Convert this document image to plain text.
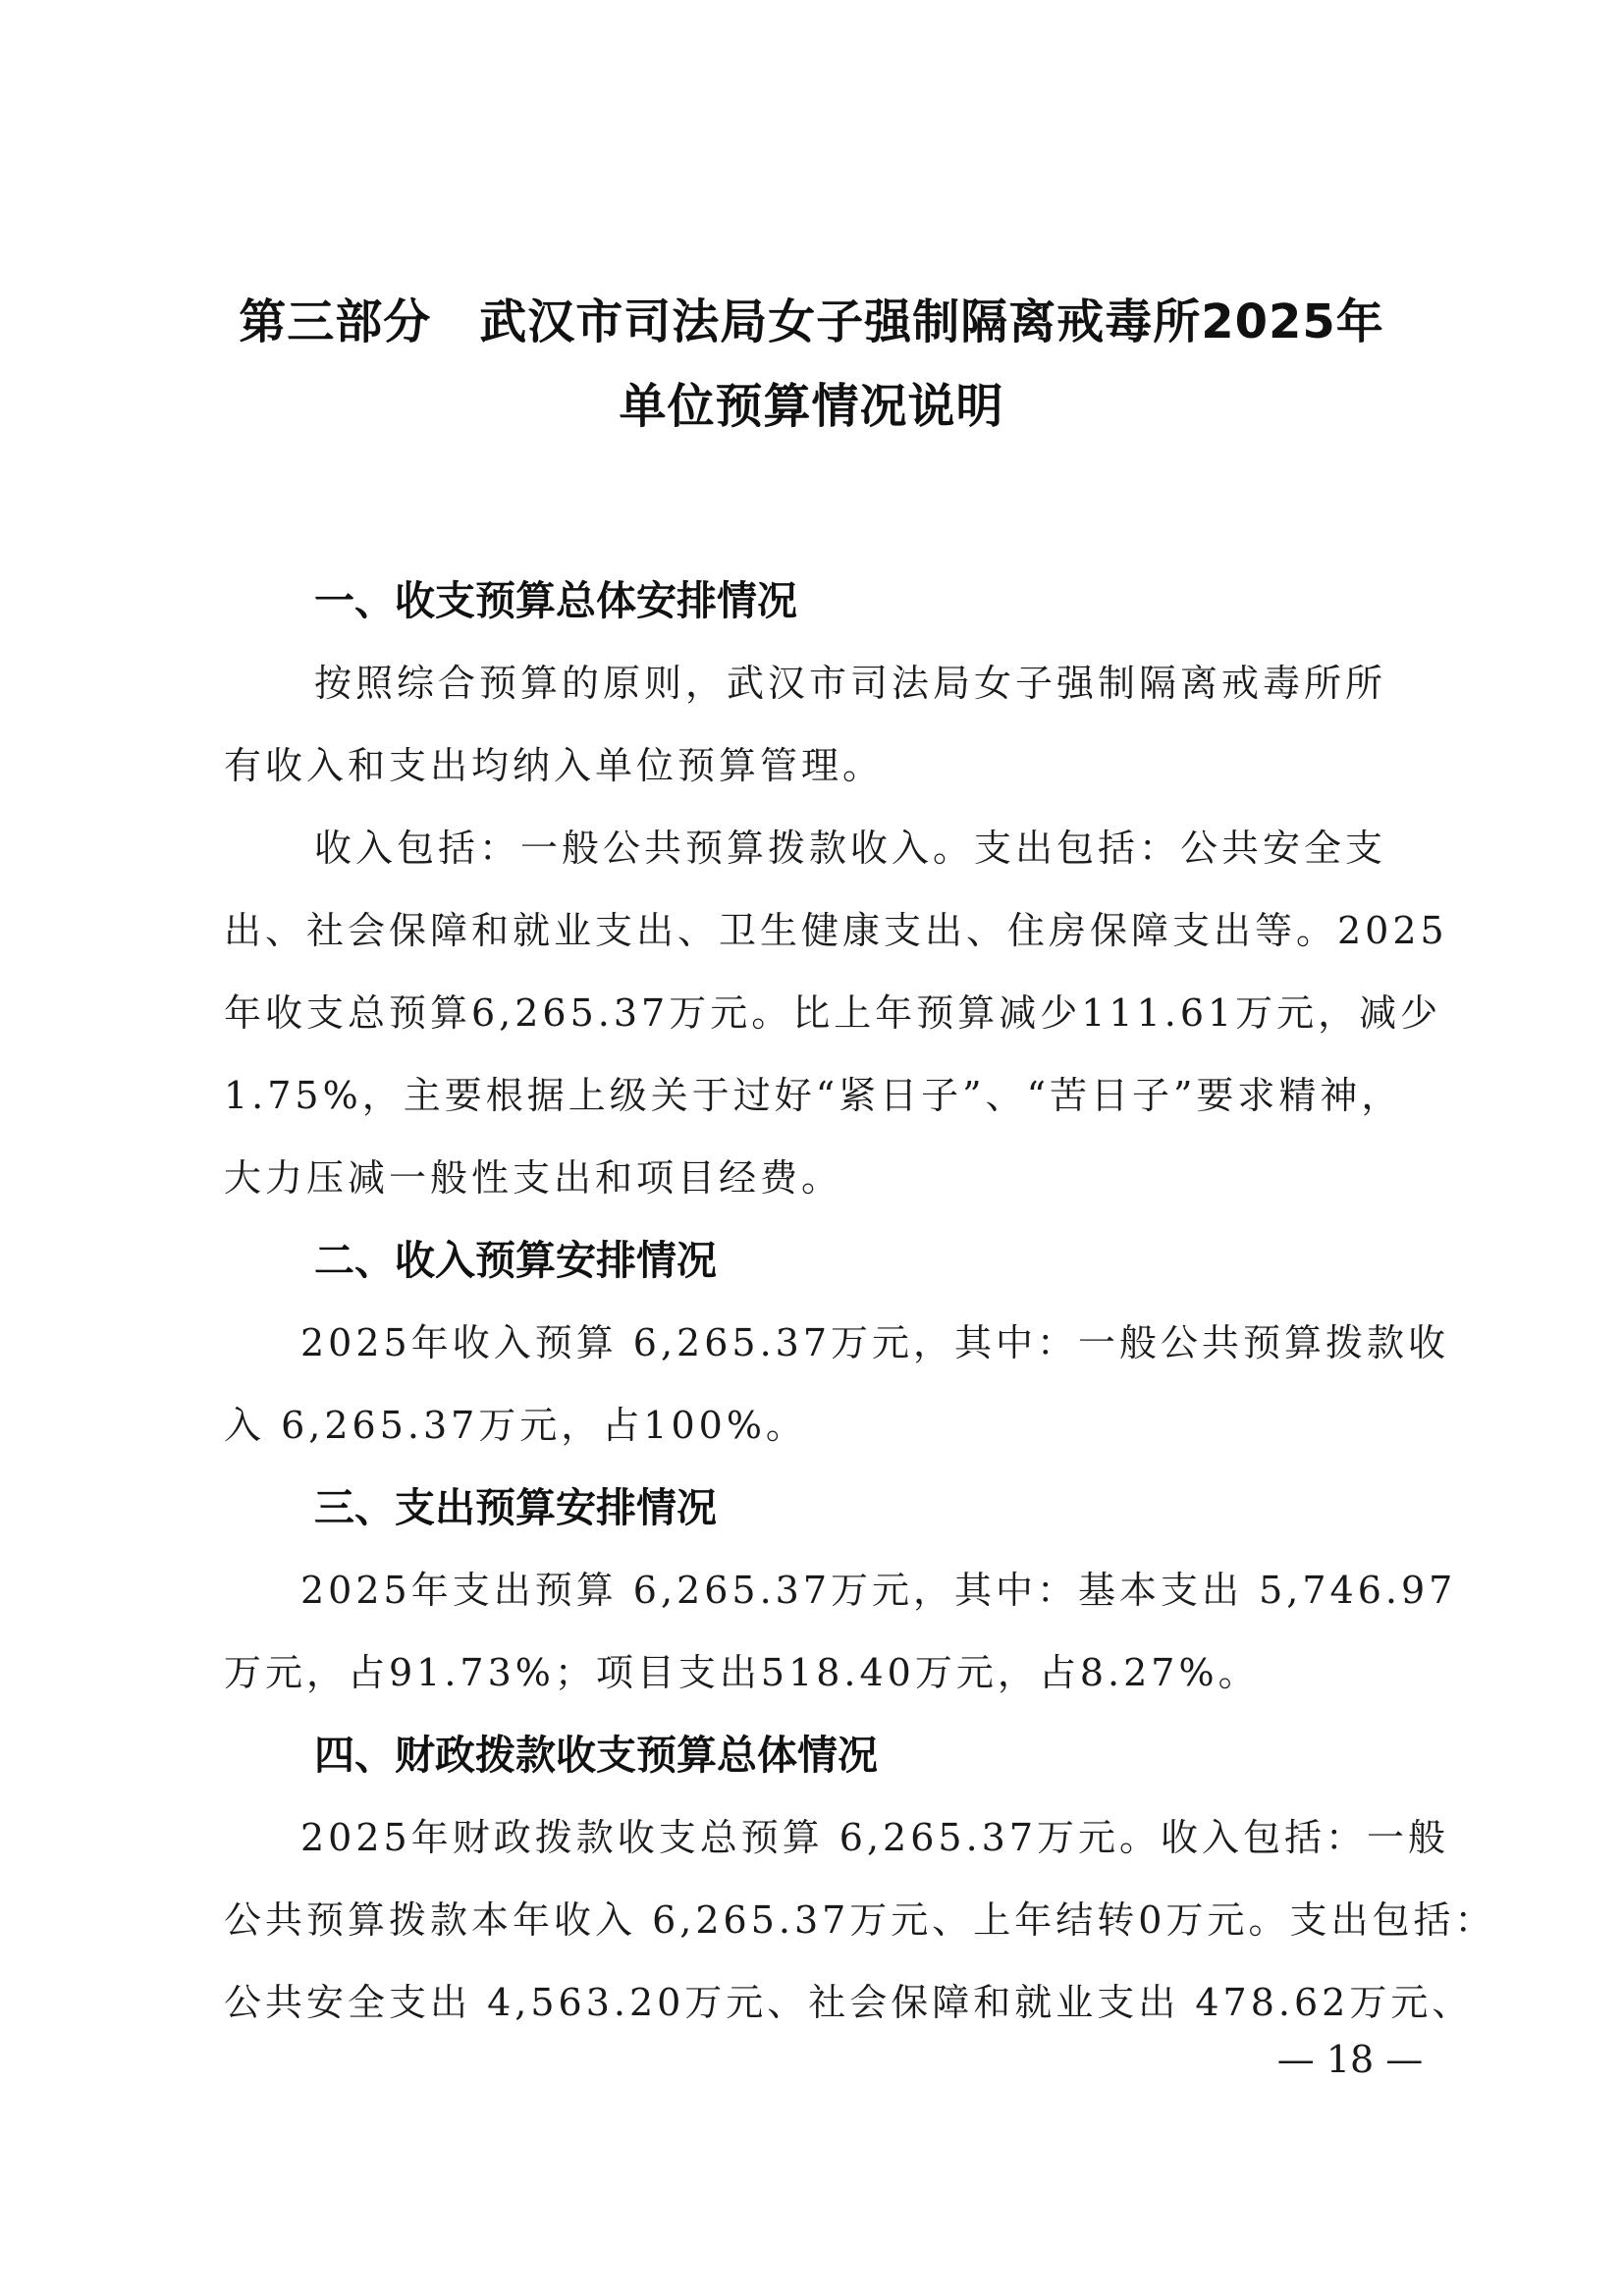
第三部分　武汉市司法局女子强制隔离戒毒所2025年
单位预算情况说明
一、收支预算总体安排情况
按照综合预算的原则，武汉市司法局女子强制隔离戒毒所所
有收入和支出均纳入单位预算管理。
收入包括：一般公共预算拨款收入。支出包括：公共安全支
出、社会保障和就业支出、卫生健康支出、住房保障支出等。2025
年收支总预算6,265.37万元。比上年预算减少111.61万元，减少
1.75%，主要根据上级关于过好“紧日子”、“苦日子”要求精神，
大力压减一般性支出和项目经费。
二、收入预算安排情况
2025年收入预算 6,265.37万元，其中：一般公共预算拨款收
入 6,265.37万元，占100%。
三、支出预算安排情况
2025年支出预算 6,265.37万元，其中：基本支出 5,746.97
万元，占91.73%；项目支出518.40万元，占8.27%。
四、财政拨款收支预算总体情况
2025年财政拨款收支总预算 6,265.37万元。收入包括：一般
公共预算拨款本年收入 6,265.37万元、上年结转0万元。支出包括：
公共安全支出 4,563.20万元、社会保障和就业支出 478.62万元、
— 18 —
